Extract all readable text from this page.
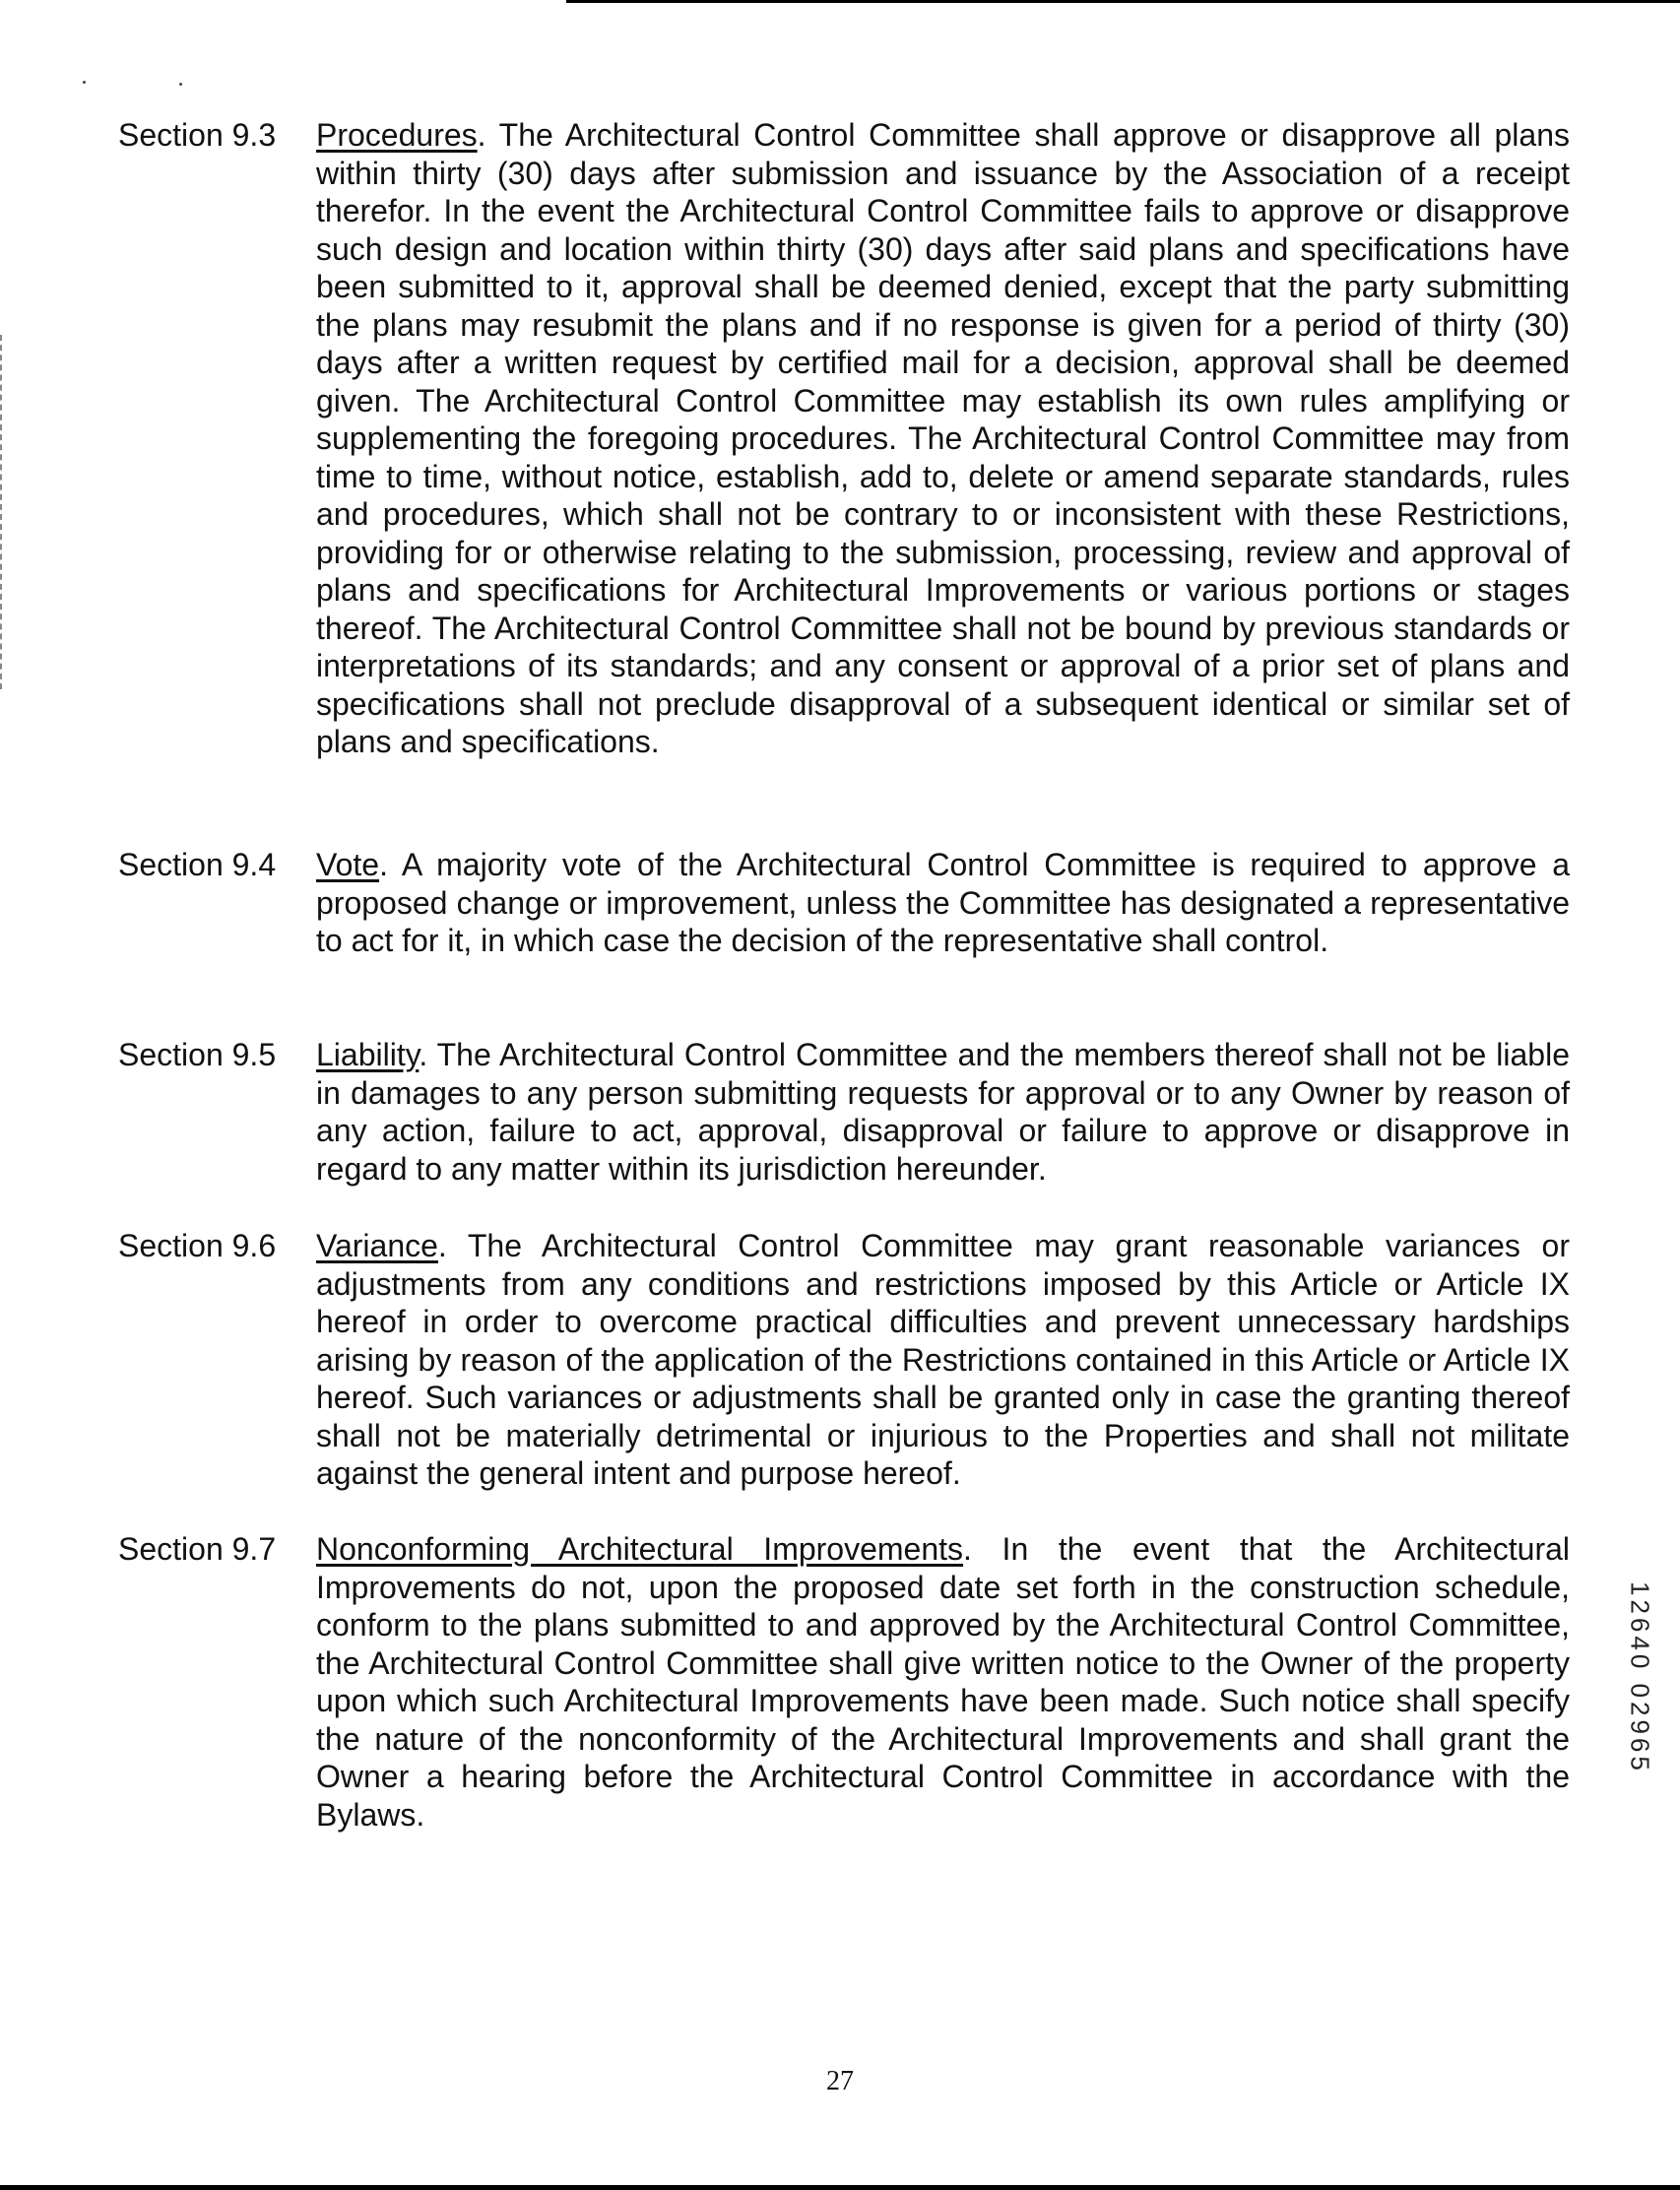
Section 9.3 Procedures. The Architectural Control Committee shall approve or disapprove all plans within thirty (30) days after submission and issuance by the Association of a receipt therefor. In the event the Architectural Control Committee fails to approve or disapprove such design and location within thirty (30) days after said plans and specifications have been submitted to it, approval shall be deemed denied, except that the party submitting the plans may resubmit the plans and if no response is given for a period of thirty (30) days after a written request by certified mail for a decision, approval shall be deemed given. The Architectural Control Committee may establish its own rules amplifying or supplementing the foregoing procedures. The Architectural Control Committee may from time to time, without notice, establish, add to, delete or amend separate standards, rules and procedures, which shall not be contrary to or inconsistent with these Restrictions, providing for or otherwise relating to the submission, processing, review and approval of plans and specifications for Architectural Improvements or various portions or stages thereof. The Architectural Control Committee shall not be bound by previous standards or interpretations of its standards; and any consent or approval of a prior set of plans and specifications shall not preclude disapproval of a subsequent identical or similar set of plans and specifications.
Section 9.4 Vote. A majority vote of the Architectural Control Committee is required to approve a proposed change or improvement, unless the Committee has designated a representative to act for it, in which case the decision of the representative shall control.
Section 9.5 Liability. The Architectural Control Committee and the members thereof shall not be liable in damages to any person submitting requests for approval or to any Owner by reason of any action, failure to act, approval, disapproval or failure to approve or disapprove in regard to any matter within its jurisdiction hereunder.
Section 9.6 Variance. The Architectural Control Committee may grant reasonable variances or adjustments from any conditions and restrictions imposed by this Article or Article IX hereof in order to overcome practical difficulties and prevent unnecessary hardships arising by reason of the application of the Restrictions contained in this Article or Article IX hereof. Such variances or adjustments shall be granted only in case the granting thereof shall not be materially detrimental or injurious to the Properties and shall not militate against the general intent and purpose hereof.
Section 9.7 Nonconforming Architectural Improvements. In the event that the Architectural Improvements do not, upon the proposed date set forth in the construction schedule, conform to the plans submitted to and approved by the Architectural Control Committee, the Architectural Control Committee shall give written notice to the Owner of the property upon which such Architectural Improvements have been made. Such notice shall specify the nature of the nonconformity of the Architectural Improvements and shall grant the Owner a hearing before the Architectural Control Committee in accordance with the Bylaws.
12640 02965
27
